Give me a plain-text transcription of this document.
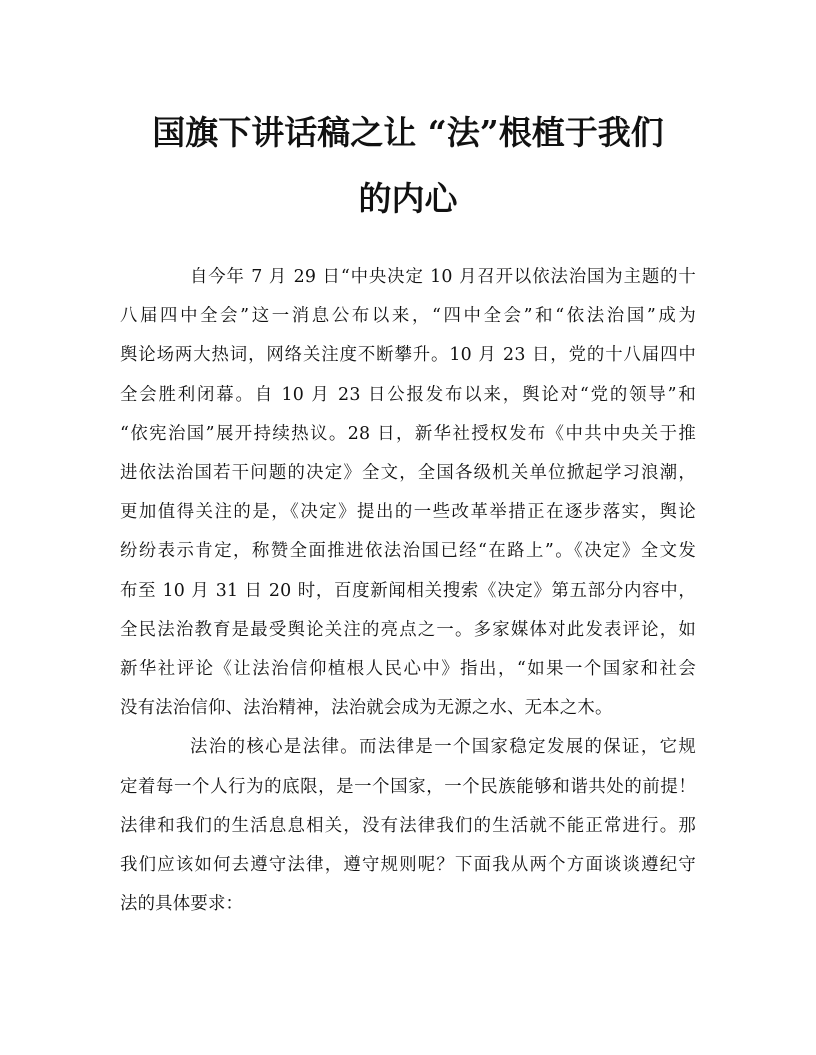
国旗下讲话稿之让 “法”根植于我们
的内心
自今年 7 月 29 日“中央决定 10 月召开以依法治国为主题的十
八届四中全会”这一消息公布以来，“四中全会”和“依法治国”成为
舆论场两大热词，网络关注度不断攀升。10 月 23 日，党的十八届四中
全会胜利闭幕。自 10 月 23 日公报发布以来，舆论对“党的领导”和
“依宪治国”展开持续热议。28 日，新华社授权发布《中共中央关于推
进依法治国若干问题的决定》全文，全国各级机关单位掀起学习浪潮，
更加值得关注的是，《决定》提出的一些改革举措正在逐步落实，舆论
纷纷表示肯定，称赞全面推进依法治国已经“在路上”。《决定》全文发
布至 10 月 31 日 20 时，百度新闻相关搜索《决定》第五部分内容中，
全民法治教育是最受舆论关注的亮点之一。多家媒体对此发表评论，如
新华社评论《让法治信仰植根人民心中》指出，“如果一个国家和社会
没有法治信仰、法治精神，法治就会成为无源之水、无本之木。
法治的核心是法律。而法律是一个国家稳定发展的保证，它规
定着每一个人行为的底限，是一个国家，一个民族能够和谐共处的前提！
法律和我们的生活息息相关，没有法律我们的生活就不能正常进行。那
我们应该如何去遵守法律，遵守规则呢？下面我从两个方面谈谈遵纪守
法的具体要求：
